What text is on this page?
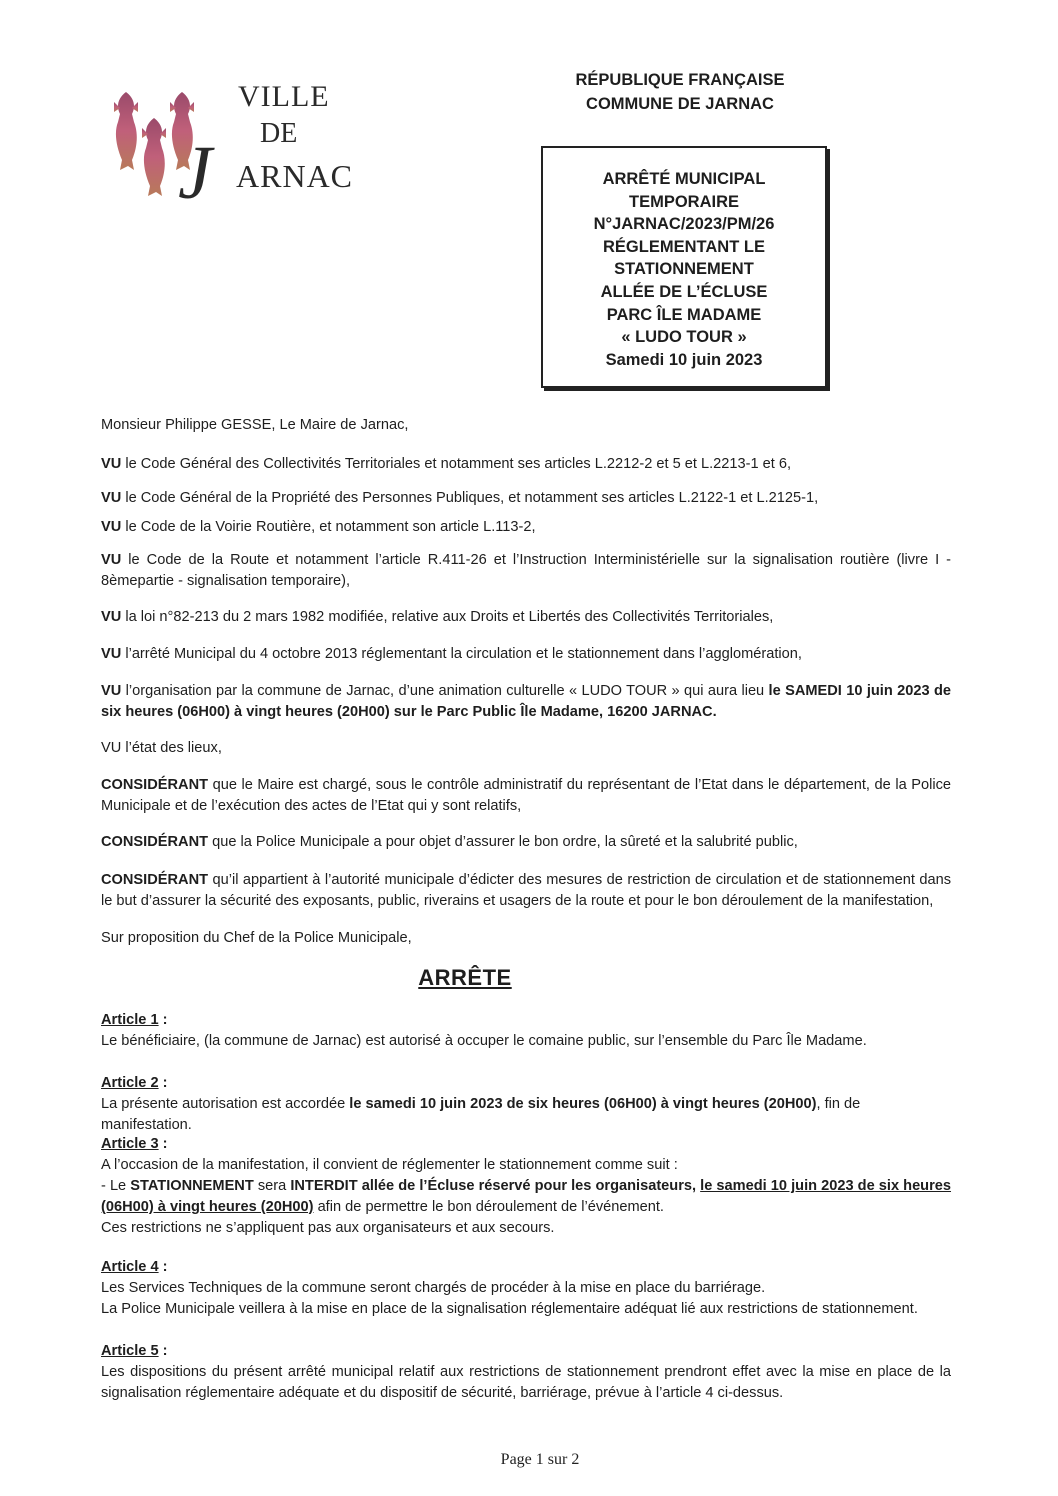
VILLE
DE
J ARNAC
RÉPUBLIQUE FRANÇAISE
COMMUNE DE JARNAC
ARRÊTÉ MUNICIPAL
TEMPORAIRE
N°JARNAC/2023/PM/26
RÉGLEMENTANT LE
STATIONNEMENT
ALLÉE DE L’ÉCLUSE
PARC ÎLE MADAME
« LUDO TOUR »
Samedi 10 juin 2023
Monsieur Philippe GESSE, Le Maire de Jarnac,
VU le Code Général des Collectivités Territoriales et notamment ses articles L.2212-2 et 5 et L.2213-1 et 6,
VU le Code Général de la Propriété des Personnes Publiques, et notamment ses articles L.2122-1 et L.2125-1,
VU le Code de la Voirie Routière, et notamment son article L.113-2,
VU le Code de la Route et notamment l’article R.411-26 et l’Instruction Interministérielle sur la signalisation routière (livre I -
8èmepartie - signalisation temporaire),
VU la loi n°82-213 du 2 mars 1982 modifiée, relative aux Droits et Libertés des Collectivités Territoriales,
VU l’arrêté Municipal du 4 octobre 2013 réglementant la circulation et le stationnement dans l’agglomération,
VU l’organisation par la commune de Jarnac, d’une animation culturelle « LUDO TOUR » qui aura lieu le SAMEDI 10 juin 2023 de
six heures (06H00) à vingt heures (20H00) sur le Parc Public Île Madame, 16200 JARNAC.
VU l’état des lieux,
CONSIDÉRANT que le Maire est chargé, sous le contrôle administratif du représentant de l’Etat dans le département, de la Police
Municipale et de l’exécution des actes de l’Etat qui y sont relatifs,
CONSIDÉRANT que la Police Municipale a pour objet d’assurer le bon ordre, la sûreté et la salubrité public,
CONSIDÉRANT qu’il appartient à l’autorité municipale d’édicter des mesures de restriction de circulation et de stationnement dans
le but d’assurer la sécurité des exposants, public, riverains et usagers de la route et pour le bon déroulement de la manifestation,
Sur proposition du Chef de la Police Municipale,
Article 1 :
Le bénéficiaire, (la commune de Jarnac) est autorisé à occuper le comaine public, sur l’ensemble du Parc Île Madame.
Article 2 :
La présente autorisation est accordée le samedi 10 juin 2023 de six heures (06H00) à vingt heures (20H00), fin de manifestation.
Article 3 :
A l’occasion de la manifestation, il convient de réglementer le stationnement comme suit :
- Le STATIONNEMENT sera INTERDIT allée de l’Écluse réservé pour les organisateurs, le samedi 10 juin 2023 de six heures
(06H00) à vingt heures (20H00) afin de permettre le bon déroulement de l’événement.
Ces restrictions ne s’appliquent pas aux organisateurs et aux secours.
Article 4 :
Les Services Techniques de la commune seront chargés de procéder à la mise en place du barriérage.
La Police Municipale veillera à la mise en place de la signalisation réglementaire adéquat lié aux restrictions de stationnement.
Article 5 :
Les dispositions du présent arrêté municipal relatif aux restrictions de stationnement prendront effet avec la mise en place de la
signalisation réglementaire adéquate et du dispositif de sécurité, barriérage, prévue à l’article 4 ci-dessus.
ARRÊTE
Page 1 sur 2
